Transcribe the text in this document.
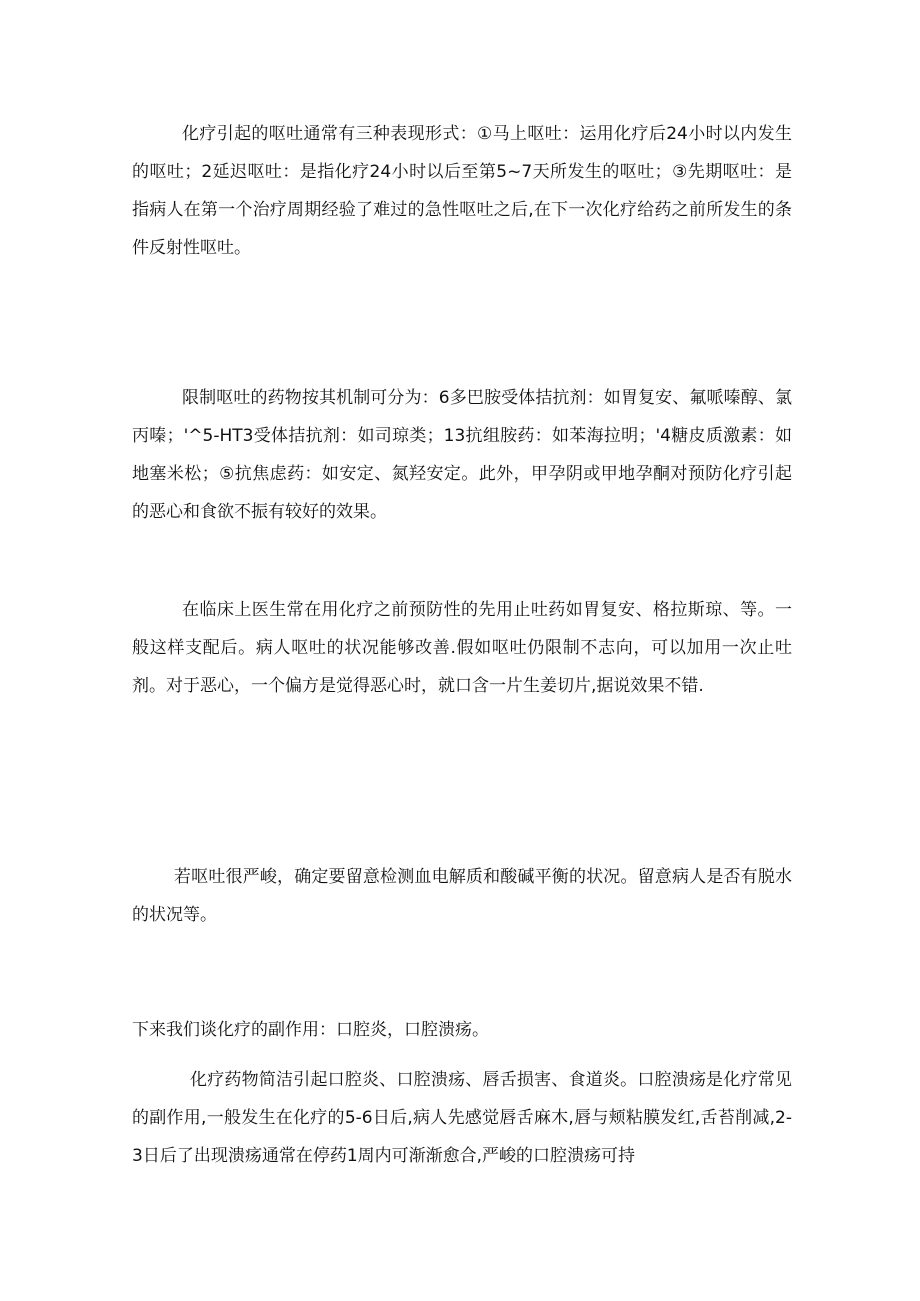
化疗引起的呕吐通常有三种表现形式：①马上呕吐：运用化疗后24小时以内发生的呕吐；2延迟呕吐：是指化疗24小时以后至第5~7天所发生的呕吐；③先期呕吐：是指病人在第一个治疗周期经验了难过的急性呕吐之后,在下一次化疗给药之前所发生的条件反射性呕吐。

限制呕吐的药物按其机制可分为：6多巴胺受体拮抗剂：如胃复安、氟哌嗪醇、氯丙嗪；'^5-HT3受体拮抗剂：如司琼类；13抗组胺药：如苯海拉明；'4糖皮质激素：如地塞米松；⑤抗焦虑药：如安定、氮羟安定。此外，甲孕阴或甲地孕酮对预防化疗引起的恶心和食欲不振有较好的效果。

在临床上医生常在用化疗之前预防性的先用止吐药如胃复安、格拉斯琼、等。一般这样支配后。病人呕吐的状况能够改善.假如呕吐仍限制不志向，可以加用一次止吐剂。对于恶心，一个偏方是觉得恶心时，就口含一片生姜切片,据说效果不错.

若呕吐很严峻，确定要留意检测血电解质和酸碱平衡的状况。留意病人是否有脱水的状况等。

下来我们谈化疗的副作用：口腔炎，口腔溃疡。

化疗药物简洁引起口腔炎、口腔溃疡、唇舌损害、食道炎。口腔溃疡是化疗常见的副作用,一般发生在化疗的5-6日后,病人先感觉唇舌麻木,唇与颊粘膜发红,舌苔削减,2-3日后了出现溃疡通常在停药1周内可渐渐愈合,严峻的口腔溃疡可持
